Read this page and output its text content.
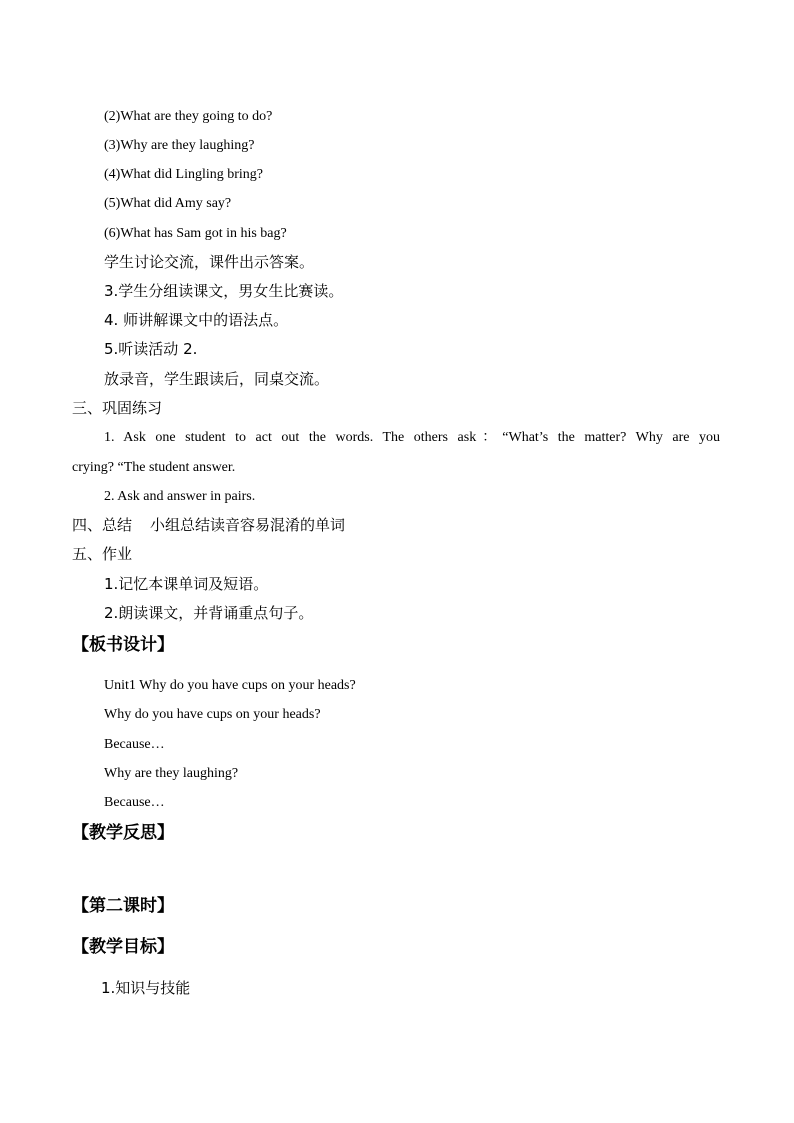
(2)What are they going to do?
(3)Why are they laughing?
(4)What did Lingling bring?
(5)What did Amy say?
(6)What has Sam got in his bag?
学生讨论交流，课件出示答案。
3.学生分组读课文，男女生比赛读。
4. 师讲解课文中的语法点。
5.听读活动 2.
放录音，学生跟读后，同桌交流。
三、巩固练习
1. Ask one student to act out the words. The others ask：“What’s the matter? Why are you
crying? “The student answer.
2. Ask and answer in pairs.
四、总结 小组总结读音容易混淆的单词
五、作业
1.记忆本课单词及短语。
2.朗读课文，并背诵重点句子。
【板书设计】
Unit1 Why do you have cups on your heads?
Why do you have cups on your heads?
Because…
Why are they laughing?
Because…
【教学反思】
【第二课时】
【教学目标】
1.知识与技能
